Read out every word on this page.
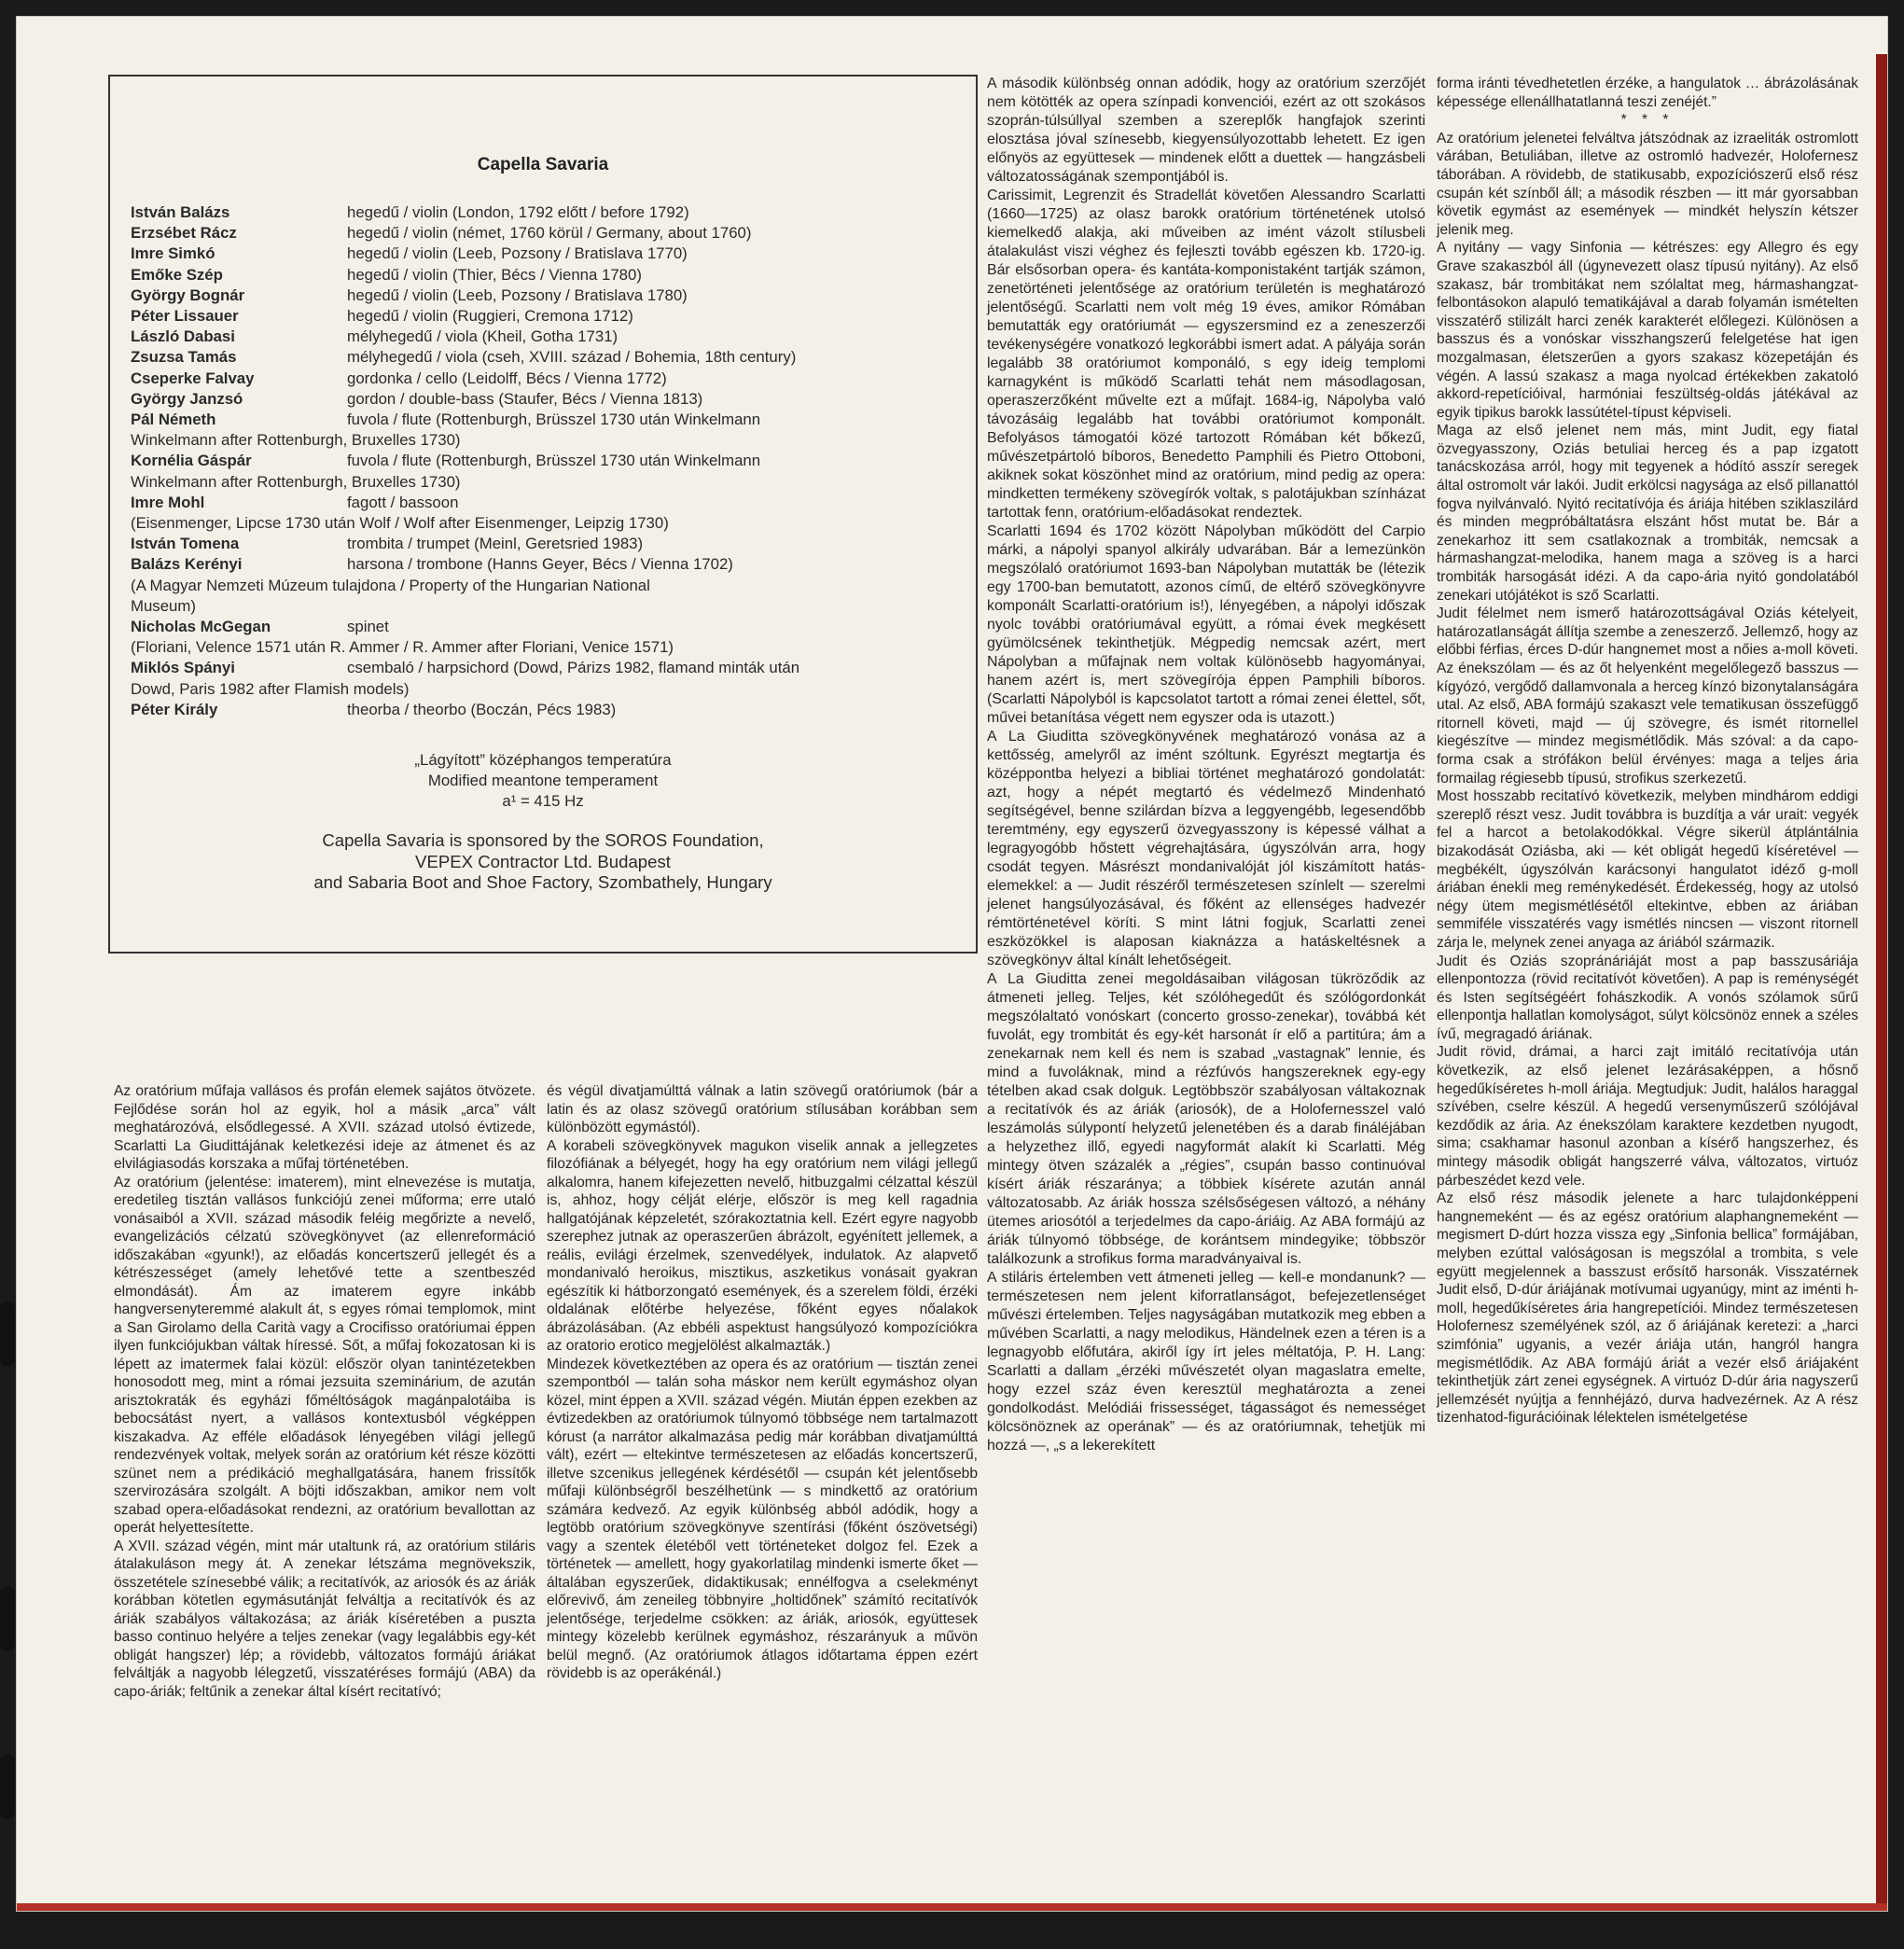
Capella Savaria
István Balázs	hegedű / violin (London, 1792 előtt / before 1792)
Erzsébet Rácz	hegedű / violin (német, 1760 körül / Germany, about 1760)
Imre Simkó	hegedű / violin (Leeb, Pozsony / Bratislava 1770)
Emőke Szép	hegedű / violin (Thier, Bécs / Vienna 1780)
György Bognár	hegedű / violin (Leeb, Pozsony / Bratislava 1780)
Péter Lissauer	hegedű / violin (Ruggieri, Cremona 1712)
László Dabasi	mélyhegedű / viola (Kheil, Gotha 1731)
Zsuzsa Tamás	mélyhegedű / viola (cseh, XVIII. század / Bohemia, 18th century)
Cseperke Falvay	gordonka / cello (Leidolff, Bécs / Vienna 1772)
György Janzsó	gordon / double-bass (Staufer, Bécs / Vienna 1813)
Pál Németh	fuvola / flute (Rottenburgh, Brüsszel 1730 után Winkelmann
Winkelmann after Rottenburgh, Bruxelles 1730)
Kornélia Gáspár	fuvola / flute (Rottenburgh, Brüsszel 1730 után Winkelmann
Winkelmann after Rottenburgh, Bruxelles 1730)
Imre Mohl	fagott / bassoon
(Eisenmenger, Lipcse 1730 után Wolf / Wolf after Eisenmenger, Leipzig 1730)
István Tomena	trombita / trumpet (Meinl, Geretsried 1983)
Balázs Kerényi	harsona / trombone (Hanns Geyer, Bécs / Vienna 1702)
(A Magyar Nemzeti Múzeum tulajdona / Property of the Hungarian National
Museum)
Nicholas McGegan	spinet
(Floriani, Velence 1571 után R. Ammer / R. Ammer after Floriani, Venice 1571)
Miklós Spányi	csembaló / harpsichord (Dowd, Párizs 1982, flamand minták után
Dowd, Paris 1982 after Flamish models)
Péter Király	theorba / theorbo (Boczán, Pécs 1983)
„Lágyított” középhangos temperatúra
Modified meantone temperament
a¹ = 415 Hz
Capella Savaria is sponsored by the SOROS Foundation,
VEPEX Contractor Ltd. Budapest
and Sabaria Boot and Shoe Factory, Szombathely, Hungary

Az oratórium műfaja vallásos és profán elemek sajátos ötvözete. Fejlődése során hol az egyik, hol a másik „arca” vált meghatározóvá, elsődlegessé. A XVII. század utolsó évtizede, Scarlatti La Giudittájának keletkezési ideje az átmenet és az elvilágiasodás korszaka a műfaj történetében.

Az oratórium (jelentése: imaterem), mint elnevezése is mutatja, eredetileg tisztán vallásos funkciójú zenei műforma; erre utaló vonásaiból a XVII. század második feléig megőrizte a nevelő, evangelizációs célzatú szövegkönyvet (az ellenreformáció időszakában «gyunk!), az előadás koncertszerű jellegét és a kétrészességet (amely lehetővé tette a szentbeszéd elmondását). Ám az imaterem egyre inkább hangversenyteremmé alakult át, s egyes római templomok, mint a San Girolamo della Carità vagy a Crocifisso oratóriumai éppen ilyen funkciójukban váltak híressé. Sőt, a műfaj fokozatosan ki is lépett az imatermek falai közül: először olyan tanintézetekben honosodott meg, mint a római jezsuita szeminárium, de azután arisztokraták és egyházi főméltóságok magánpalotáiba is bebocsátást nyert, a vallásos kontextusból végképpen kiszakadva. Az efféle előadások lényegében világi jellegű rendezvények voltak, melyek során az oratórium két része közötti szünet nem a prédikáció meghallgatására, hanem frissítők szervirozására szolgált. A böjti időszakban, amikor nem volt szabad opera-előadásokat rendezni, az oratórium bevallottan az operát helyettesítette.

A XVII. század végén, mint már utaltunk rá, az oratórium stiláris átalakuláson megy át. A zenekar létszáma megnövekszik, összetétele színesebbé válik; a recitatívók, az ariosók és az áriák korábban kötetlen egymásutánját felváltja a recitatívók és az áriák szabályos váltakozása; az áriák kíséretében a puszta basso continuo helyére a teljes zenekar (vagy legalábbis egy-két obligát hangszer) lép; a rövidebb, változatos formájú áriákat felváltják a nagyobb lélegzetű, visszatéréses formájú (ABA) da capo-áriák; feltűnik a zenekar által kísért recitatívó;

és végül divatjamúlttá válnak a latin szövegű oratóriumok (bár a latin és az olasz szövegű oratórium stílusában korábban sem különbözött egymástól).

A korabeli szövegkönyvek magukon viselik annak a jellegzetes filozófiának a bélyegét, hogy ha egy oratórium nem világi jellegű alkalomra, hanem kifejezetten nevelő, hitbuzgalmi célzattal készül is, ahhoz, hogy célját elérje, először is meg kell ragadnia hallgatójának képzeletét, szórakoztatnia kell. Ezért egyre nagyobb szerephez jutnak az operaszerűen ábrázolt, egyénített jellemek, a reális, evilági érzelmek, szenvedélyek, indulatok. Az alapvető mondanivaló heroikus, misztikus, aszketikus vonásait gyakran egészítik ki hátborzongató események, és a szerelem földi, érzéki oldalának előtérbe helyezése, főként egyes nőalakok ábrázolásában. (Az ebbéli aspektust hangsúlyozó kompozíciókra az oratorio erotico megjelölést alkalmazták.)

Mindezek következtében az opera és az oratórium — tisztán zenei szempontból — talán soha máskor nem került egymáshoz olyan közel, mint éppen a XVII. század végén. Miután éppen ezekben az évtizedekben az oratóriumok túlnyomó többsége nem tartalmazott kórust (a narrátor alkalmazása pedig már korábban divatjamúlttá vált), ezért — eltekintve természetesen az előadás koncertszerű, illetve szcenikus jellegének kérdésétől — csupán két jelentősebb műfaji különbségről beszélhetünk — s mindkettő az oratórium számára kedvező. Az egyik különbség abból adódik, hogy a legtöbb oratórium szövegkönyve szentírási (főként ószövetségi) vagy a szentek életéből vett történeteket dolgoz fel. Ezek a történetek — amellett, hogy gyakorlatilag mindenki ismerte őket — általában egyszerűek, didaktikusak; ennélfogva a cselekményt előrevivő, ám zeneileg többnyire „holtidőnek” számító recitatívók jelentősége, terjedelme csökken: az áriák, ariosók, együttesek mintegy közelebb kerülnek egymáshoz, részarányuk a művön belül megnő. (Az oratóriumok átlagos időtartama éppen ezért rövidebb is az operákénál.)

A második különbség onnan adódik, hogy az oratórium szerzőjét nem kötötték az opera színpadi konvenciói, ezért az ott szokásos szoprán-túlsúllyal szemben a szereplők hangfajok szerinti elosztása jóval színesebb, kiegyensúlyozottabb lehetett. Ez igen előnyös az együttesek — mindenek előtt a duettek — hangzásbeli változatosságának szempontjából is.

Carissimit, Legrenzit és Stradellát követően Alessandro Scarlatti (1660—1725) az olasz barokk oratórium történetének utolsó kiemelkedő alakja, aki műveiben az imént vázolt stílusbeli átalakulást viszi véghez és fejleszti tovább egészen kb. 1720-ig. Bár elsősorban opera- és kantáta-komponistaként tartják számon, zenetörténeti jelentősége az oratórium területén is meghatározó jelentőségű. Scarlatti nem volt még 19 éves, amikor Rómában bemutatták egy oratóriumát — egyszersmind ez a zeneszerzői tevékenységére vonatkozó legkorábbi ismert adat. A pályája során legalább 38 oratóriumot komponáló, s egy ideig templomi karnagyként is működő Scarlatti tehát nem másodlagosan, operaszerzőként művelte ezt a műfajt. 1684-ig, Nápolyba való távozásáig legalább hat további oratóriumot komponált. Befolyásos támogatói közé tartozott Rómában két bőkezű, művészetpártoló bíboros, Benedetto Pamphili és Pietro Ottoboni, akiknek sokat köszönhet mind az oratórium, mind pedig az opera: mindketten termékeny szövegírók voltak, s palotájukban színházat tartottak fenn, oratórium-előadásokat rendeztek.

Scarlatti 1694 és 1702 között Nápolyban működött del Carpio márki, a nápolyi spanyol alkirály udvarában. Bár a lemezünkön megszólaló oratóriumot 1693-ban Nápolyban mutatták be (létezik egy 1700-ban bemutatott, azonos című, de eltérő szövegkönyvre komponált Scarlatti-oratórium is!), lényegében, a nápolyi időszak nyolc további oratóriumával együtt, a római évek megkésett gyümölcsének tekinthetjük. Mégpedig nemcsak azért, mert Nápolyban a műfajnak nem voltak különösebb hagyományai, hanem azért is, mert szövegírója éppen Pamphili bíboros. (Scarlatti Nápolyból is kapcsolatot tartott a római zenei élettel, sőt, művei betanítása végett nem egyszer oda is utazott.)

A La Giuditta szövegkönyvének meghatározó vonása az a kettősség, amelyről az imént szóltunk. Egyrészt megtartja és középpontba helyezi a bibliai történet meghatározó gondolatát: azt, hogy a népét megtartó és védelmező Mindenható segítségével, benne szilárdan bízva a leggyengébb, legesendőbb teremtmény, egy egyszerű özvegyasszony is képessé válhat a legragyogóbb hőstett végrehajtására, úgyszólván arra, hogy csodát tegyen. Másrészt mondanivalóját jól kiszámított hatás-elemekkel: a — Judit részéről természetesen színlelt — szerelmi jelenet hangsúlyozásával, és főként az ellenséges hadvezér rémtörténetével köríti. S mint látni fogjuk, Scarlatti zenei eszközökkel is alaposan kiaknázza a hatáskeltésnek a szövegkönyv által kínált lehetőségeit.

A La Giuditta zenei megoldásaiban világosan tükröződik az átmeneti jelleg. Teljes, két szólóhegedűt és szólógordonkát megszólaltató vonóskart (concerto grosso-zenekar), továbbá két fuvolát, egy trombitát és egy-két harsonát ír elő a partitúra; ám a zenekarnak nem kell és nem is szabad „vastagnak” lennie, és mind a fuvoláknak, mind a rézfúvós hangszereknek egy-egy tételben akad csak dolguk. Legtöbbször szabályosan váltakoznak a recitatívók és az áriák (ariosók), de a Holofernesszel való leszámolás súlypontí helyzetű jelenetében és a darab fináléjában a helyzethez illő, egyedi nagyformát alakít ki Scarlatti. Még mintegy ötven százalék a „régies”, csupán basso continuóval kísért áriák részaránya; a többiek kísérete azután annál változatosabb. Az áriák hossza szélsőségesen változó, a néhány ütemes ariosótól a terjedelmes da capo-áriáig. Az ABA formájú az áriák túlnyomó többsége, de korántsem mindegyike; többször találkozunk a strofikus forma maradványaival is.

A stiláris értelemben vett átmeneti jelleg — kell-e mondanunk? — természetesen nem jelent kiforratlanságot, befejezetlenséget művészi értelemben. Teljes nagyságában mutatkozik meg ebben a művében Scarlatti, a nagy melodikus, Händelnek ezen a téren is a legnagyobb előfutára, akiről így írt jeles méltatója, P. H. Lang: Scarlatti a dallam „érzéki művészetét olyan magaslatra emelte, hogy ezzel száz éven keresztül meghatározta a zenei gondolkodást. Melódiái frissességet, tágasságot és nemességet kölcsönöznek az operának” — és az oratóriumnak, tehetjük mi hozzá —, „s a lekerekített

forma iránti tévedhetetlen érzéke, a hangulatok … ábrázolásának képessége ellenállhatatlanná teszi zenéjét.”

* * *

Az oratórium jelenetei felváltva játszódnak az izraeliták ostromlott várában, Betuliában, illetve az ostromló hadvezér, Holofernesz táborában. A rövidebb, de statikusabb, expozíciószerű első rész csupán két színből áll; a második részben — itt már gyorsabban követik egymást az események — mindkét helyszín kétszer jelenik meg.

A nyitány — vagy Sinfonia — kétrészes: egy Allegro és egy Grave szakaszból áll (úgynevezett olasz típusú nyitány). Az első szakasz, bár trombitákat nem szólaltat meg, hármashangzat-felbontásokon alapuló tematikájával a darab folyamán ismételten visszatérő stilizált harci zenék karakterét előlegezi. Különösen a basszus és a vonóskar visszhangszerű felelgetése hat igen mozgalmasan, életszerűen a gyors szakasz közepetáján és végén. A lassú szakasz a maga nyolcad értékekben zakatoló akkord-repetícióival, harmóniai feszültség-oldás játékával az egyik tipikus barokk lassútétel-típust képviseli.

Maga az első jelenet nem más, mint Judit, egy fiatal özvegyasszony, Oziás betuliai herceg és a pap izgatott tanácskozása arról, hogy mit tegyenek a hódító asszír seregek által ostromolt vár lakói. Judit erkölcsi nagysága az első pillanattól fogva nyilvánvaló. Nyitó recitatívója és áriája hitében sziklaszilárd és minden megpróbáltatásra elszánt hőst mutat be. Bár a zenekarhoz itt sem csatlakoznak a trombiták, nemcsak a hármashangzat-melodika, hanem maga a szöveg is a harci trombiták harsogását idézi. A da capo-ária nyitó gondolatából zenekari utójátékot is sző Scarlatti.

Judit félelmet nem ismerő határozottságával Oziás kételyeit, határozatlanságát állítja szembe a zeneszerző. Jellemző, hogy az előbbi férfias, érces D-dúr hangnemet most a nőies a-moll követi. Az énekszólam — és az őt helyenként megelőlegező basszus — kígyózó, vergődő dallamvonala a herceg kínzó bizonytalanságára utal. Az első, ABA formájú szakaszt vele tematikusan összefüggő ritornell követi, majd — új szövegre, és ismét ritornellel kiegészítve — mindez megismétlődik. Más szóval: a da capo-forma csak a strófákon belül érvényes: maga a teljes ária formailag régiesebb típusú, strofikus szerkezetű.

Most hosszabb recitatívó következik, melyben mindhárom eddigi szereplő részt vesz. Judit továbbra is buzdítja a vár urait: vegyék fel a harcot a betolakodókkal. Végre sikerül átplántálnia bizakodását Oziásba, aki — két obligát hegedű kíséretével — megbékélt, úgyszólván karácsonyi hangulatot idéző g-moll áriában énekli meg reménykedését. Érdekesség, hogy az utolsó négy ütem megismétlésétől eltekintve, ebben az áriában semmiféle visszatérés vagy ismétlés nincsen — viszont ritornell zárja le, melynek zenei anyaga az áriából származik.

Judit és Oziás szopránáriáját most a pap basszusáriája ellenpontozza (rövid recitatívót követően). A pap is reménységét és Isten segítségéért fohászkodik. A vonós szólamok sűrű ellenpontja hallatlan komolyságot, súlyt kölcsönöz ennek a széles ívű, megragadó áriának.

Judit rövid, drámai, a harci zajt imitáló recitatívója után következik, az első jelenet lezárásaképpen, a hősnő hegedűkíséretes h-moll áriája. Megtudjuk: Judit, halálos haraggal szívében, cselre készül. A hegedű versenyműszerű szólójával kezdődik az ária. Az énekszólam karaktere kezdetben nyugodt, sima; csakhamar hasonul azonban a kísérő hangszerhez, és mintegy második obligát hangszerré válva, változatos, virtuóz párbeszédet kezd vele.

Az első rész második jelenete a harc tulajdonképpeni hangnemeként — és az egész oratórium alaphangnemeként — megismert D-dúrt hozza vissza egy „Sinfonia bellica” formájában, melyben ezúttal valóságosan is megszólal a trombita, s vele együtt megjelennek a basszust erősítő harsonák. Visszatérnek Judit első, D-dúr áriájának motívumai ugyanúgy, mint az iménti h-moll, hegedűkíséretes ária hangrepetíciói. Mindez természetesen Holofernesz személyének szól, az ő áriájának keretezi: a „harci szimfónia” ugyanis, a vezér áriája után, hangról hangra megismétlődik. Az ABA formájú áriát a vezér első áriájaként tekinthetjük zárt zenei egységnek. A virtuóz D-dúr ária nagyszerű jellemzését nyújtja a fennhéjázó, durva hadvezérnek. Az A rész tizenhatod-figurációinak lélektelen ismételgetése
